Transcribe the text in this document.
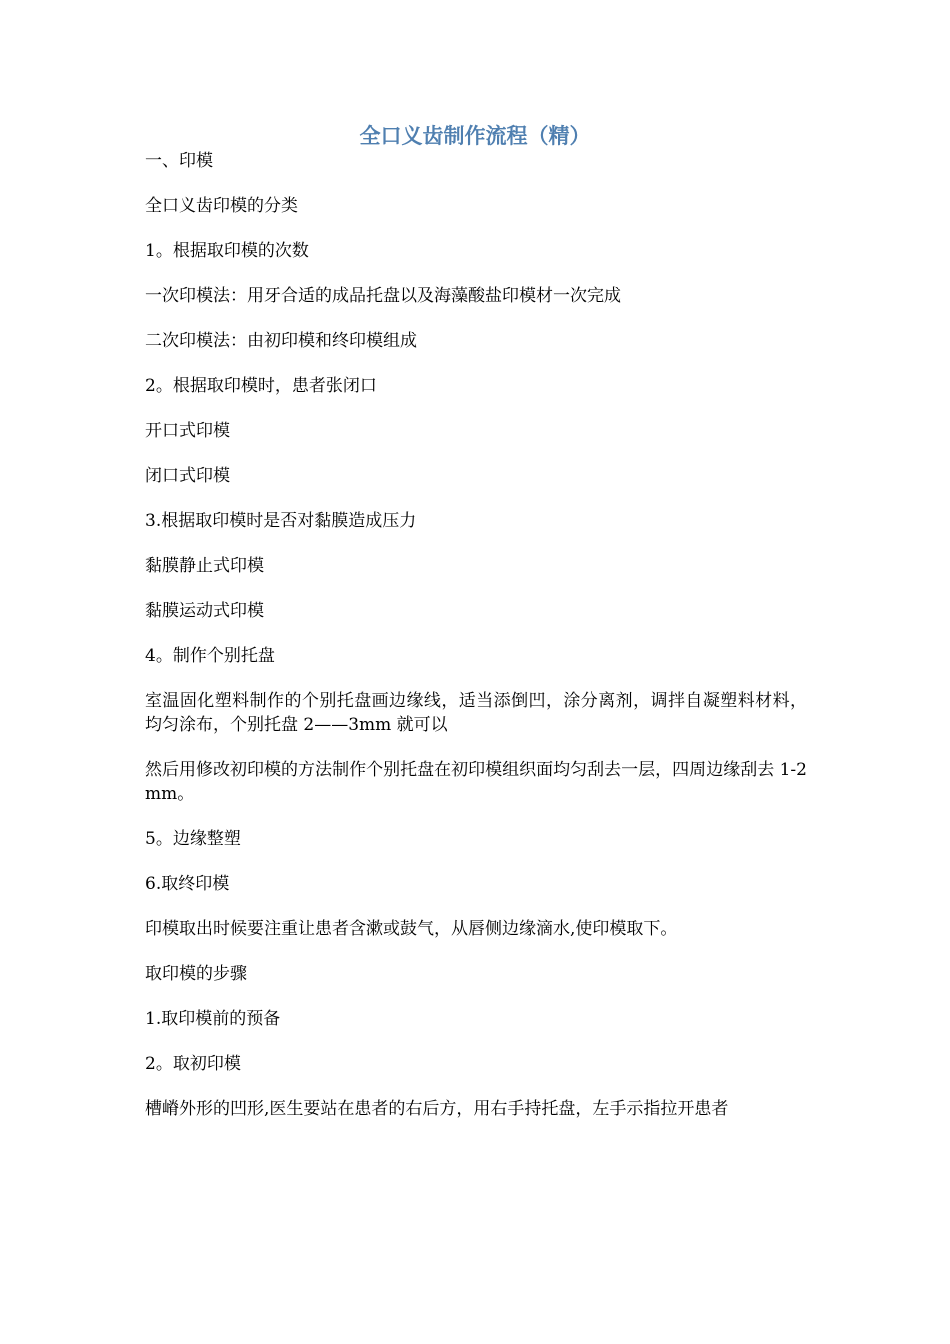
全口义齿制作流程（精）

一、印模

全口义齿印模的分类

1。根据取印模的次数

一次印模法：用牙合适的成品托盘以及海藻酸盐印模材一次完成

二次印模法：由初印模和终印模组成

2。根据取印模时，患者张闭口

开口式印模

闭口式印模

3.根据取印模时是否对黏膜造成压力

黏膜静止式印模

黏膜运动式印模

4。制作个别托盘

室温固化塑料制作的个别托盘画边缘线，适当添倒凹，涂分离剂，调拌自凝塑料材料，均匀涂布，个别托盘 2——3mm 就可以

然后用修改初印模的方法制作个别托盘在初印模组织面均匀刮去一层，四周边缘刮去 1-2mm。

5。边缘整塑

6.取终印模

印模取出时候要注重让患者含漱或鼓气，从唇侧边缘滴水,使印模取下。

取印模的步骤

1.取印模前的预备

2。取初印模

槽嵴外形的凹形,医生要站在患者的右后方，用右手持托盘，左手示指拉开患者
